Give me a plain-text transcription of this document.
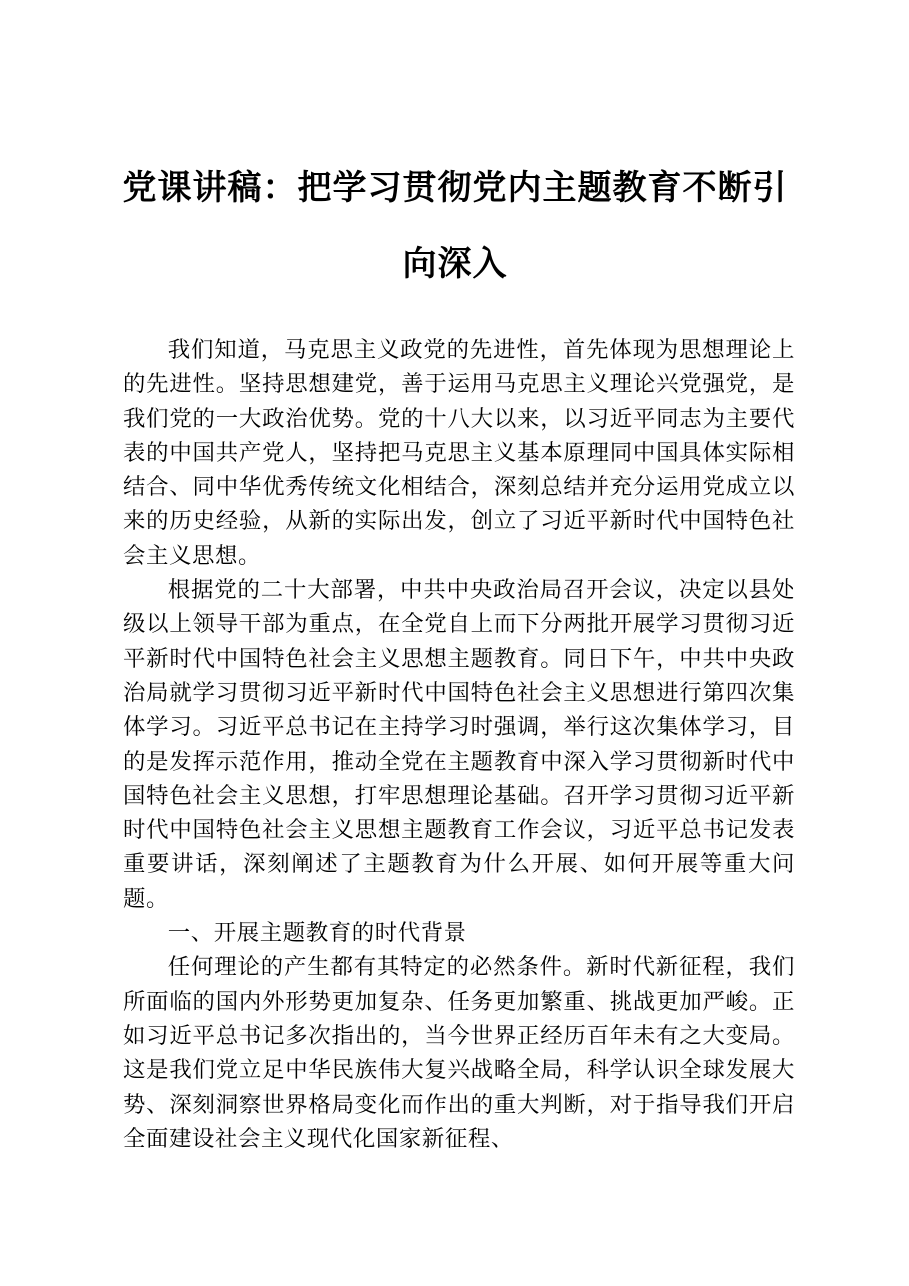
党课讲稿：把学习贯彻党内主题教育不断引向深入

我们知道，马克思主义政党的先进性，首先体现为思想理论上的先进性。坚持思想建党，善于运用马克思主义理论兴党强党，是我们党的一大政治优势。党的十八大以来，以习近平同志为主要代表的中国共产党人，坚持把马克思主义基本原理同中国具体实际相结合、同中华优秀传统文化相结合，深刻总结并充分运用党成立以来的历史经验，从新的实际出发，创立了习近平新时代中国特色社会主义思想。

根据党的二十大部署，中共中央政治局召开会议，决定以县处级以上领导干部为重点，在全党自上而下分两批开展学习贯彻习近平新时代中国特色社会主义思想主题教育。同日下午，中共中央政治局就学习贯彻习近平新时代中国特色社会主义思想进行第四次集体学习。习近平总书记在主持学习时强调，举行这次集体学习，目的是发挥示范作用，推动全党在主题教育中深入学习贯彻新时代中国特色社会主义思想，打牢思想理论基础。召开学习贯彻习近平新时代中国特色社会主义思想主题教育工作会议，习近平总书记发表重要讲话，深刻阐述了主题教育为什么开展、如何开展等重大问题。

一、开展主题教育的时代背景

任何理论的产生都有其特定的必然条件。新时代新征程，我们所面临的国内外形势更加复杂、任务更加繁重、挑战更加严峻。正如习近平总书记多次指出的，当今世界正经历百年未有之大变局。这是我们党立足中华民族伟大复兴战略全局，科学认识全球发展大势、深刻洞察世界格局变化而作出的重大判断，对于指导我们开启全面建设社会主义现代化国家新征程、
